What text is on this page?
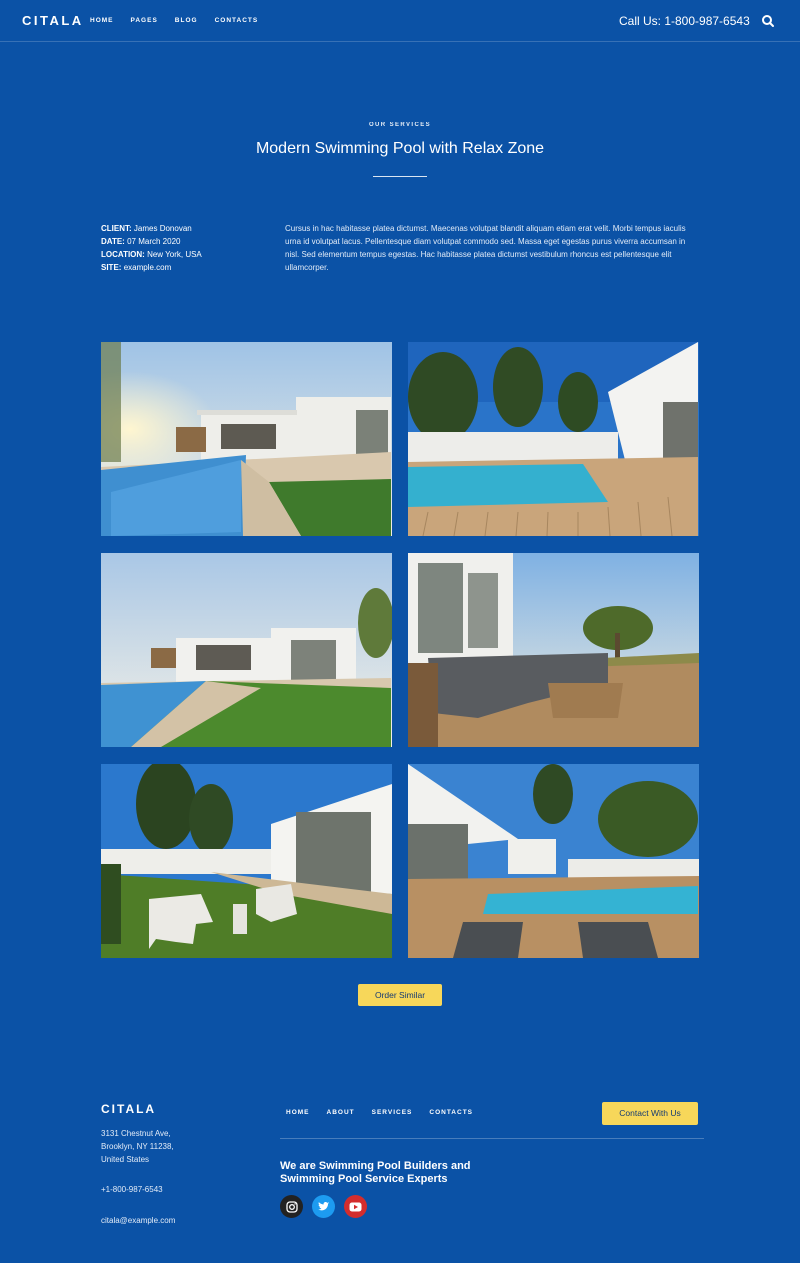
CITALA HOME	PAGES	BLOG	CONTACTS	Call Us: 1-800-987-6543
OUR SERVICES
Modern Swimming Pool with Relax Zone
CLIENT: James Donovan
DATE: 07 March 2020
LOCATION: New York, USA
SITE: example.com

Cursus in hac habitasse platea dictumst. Maecenas volutpat blandit aliquam etiam erat velit. Morbi tempus iaculis urna id volutpat lacus. Pellentesque diam volutpat commodo sed. Massa eget egestas purus viverra accumsan in nisl. Sed elementum tempus egestas. Hac habitasse platea dictumst vestibulum rhoncus est pellentesque elit ullamcorper.

Order Similar
CITALA
3131 Chestnut Ave,
Brooklyn, NY 11238,
United States
+1-800-987-6543
citala@example.com
HOME	ABOUT	SERVICES	CONTACTS	Contact With Us
We are Swimming Pool Builders and
Swimming Pool Service Experts
